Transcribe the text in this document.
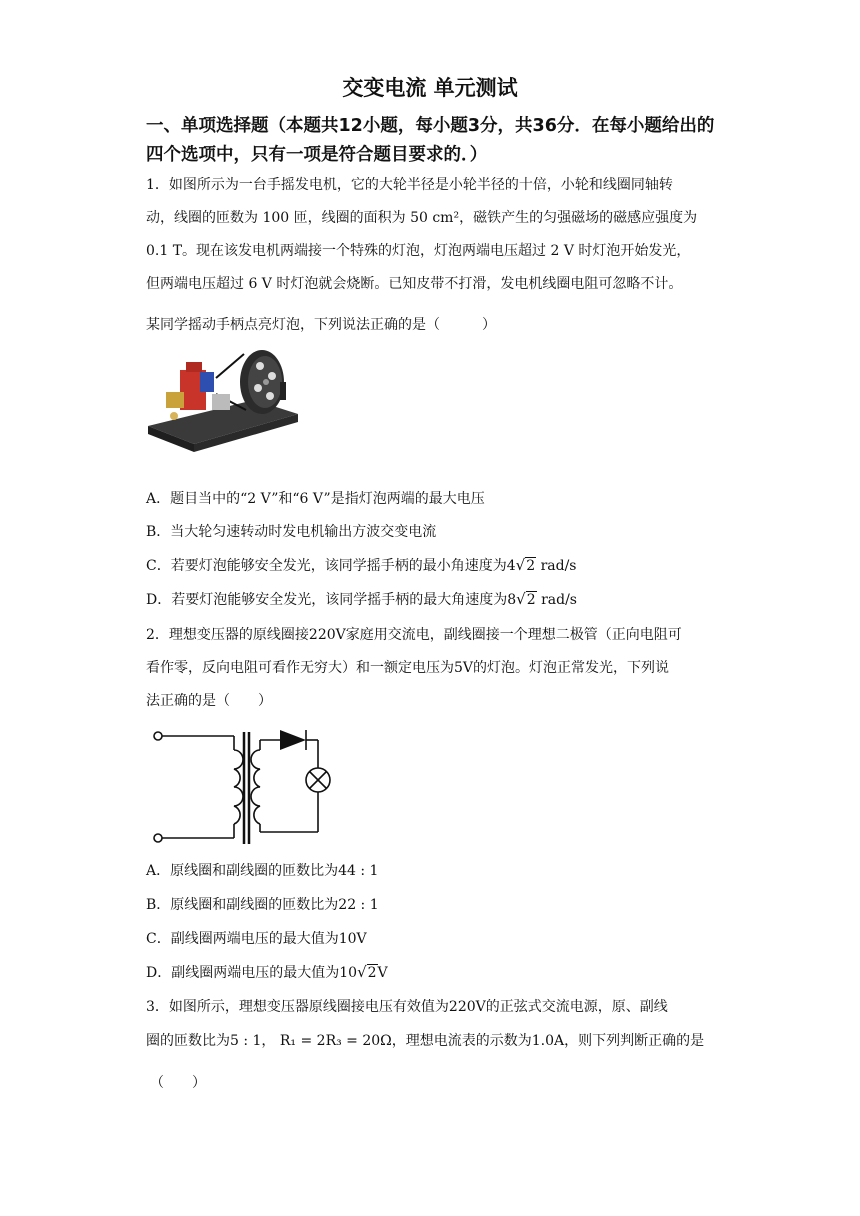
交变电流 单元测试
一、单项选择题（本题共12小题，每小题3分，共36分．在每小题给出的四个选项中，只有一项是符合题目要求的．）
1．如图所示为一台手摇发电机，它的大轮半径是小轮半径的十倍，小轮和线圈同轴转
动，线圈的匝数为 100 匝，线圈的面积为 50 cm²，磁铁产生的匀强磁场的磁感应强度为
0.1 T。现在该发电机两端接一个特殊的灯泡，灯泡两端电压超过 2 V 时灯泡开始发光，
但两端电压超过 6 V 时灯泡就会烧断。已知皮带不打滑，发电机线圈电阻可忽略不计。
某同学摇动手柄点亮灯泡，下列说法正确的是（　　　）
A．题目当中的“2 V”和“6 V”是指灯泡两端的最大电压
B．当大轮匀速转动时发电机输出方波交变电流
C．若要灯泡能够安全发光，该同学摇手柄的最小角速度为4√2 rad/s
D．若要灯泡能够安全发光，该同学摇手柄的最大角速度为8√2 rad/s
2．理想变压器的原线圈接220V家庭用交流电，副线圈接一个理想二极管（正向电阻可
看作零，反向电阻可看作无穷大）和一额定电压为5V的灯泡。灯泡正常发光，下列说
法正确的是（　　）
A．原线圈和副线圈的匝数比为44 : 1
B．原线圈和副线圈的匝数比为22 : 1
C．副线圈两端电压的最大值为10V
D．副线圈两端电压的最大值为10√2V
3．如图所示，理想变压器原线圈接电压有效值为220V的正弦式交流电源，原、副线
圈的匝数比为5 : 1， R₁ = 2R₃ = 20Ω，理想电流表的示数为1.0A，则下列判断正确的是
（　　）
